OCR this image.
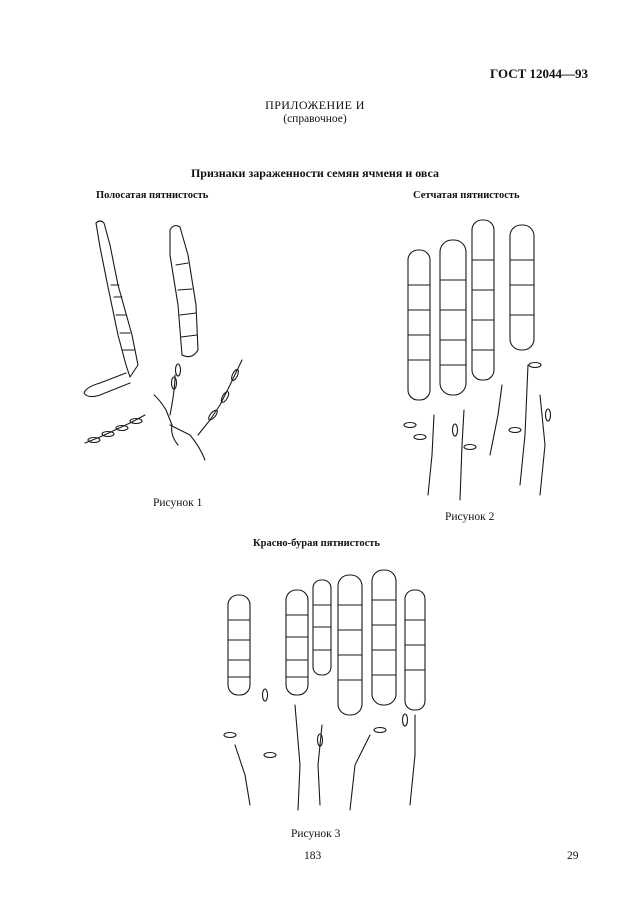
ГОСТ 12044—93
ПРИЛОЖЕНИЕ И
(справочное)
Признаки зараженности семян ячменя и овса
Полосатая пятнистость
Рисунок 1
Сетчатая пятнистость
Рисунок 2
Красно-бурая пятнистость
Рисунок 3
183	29
